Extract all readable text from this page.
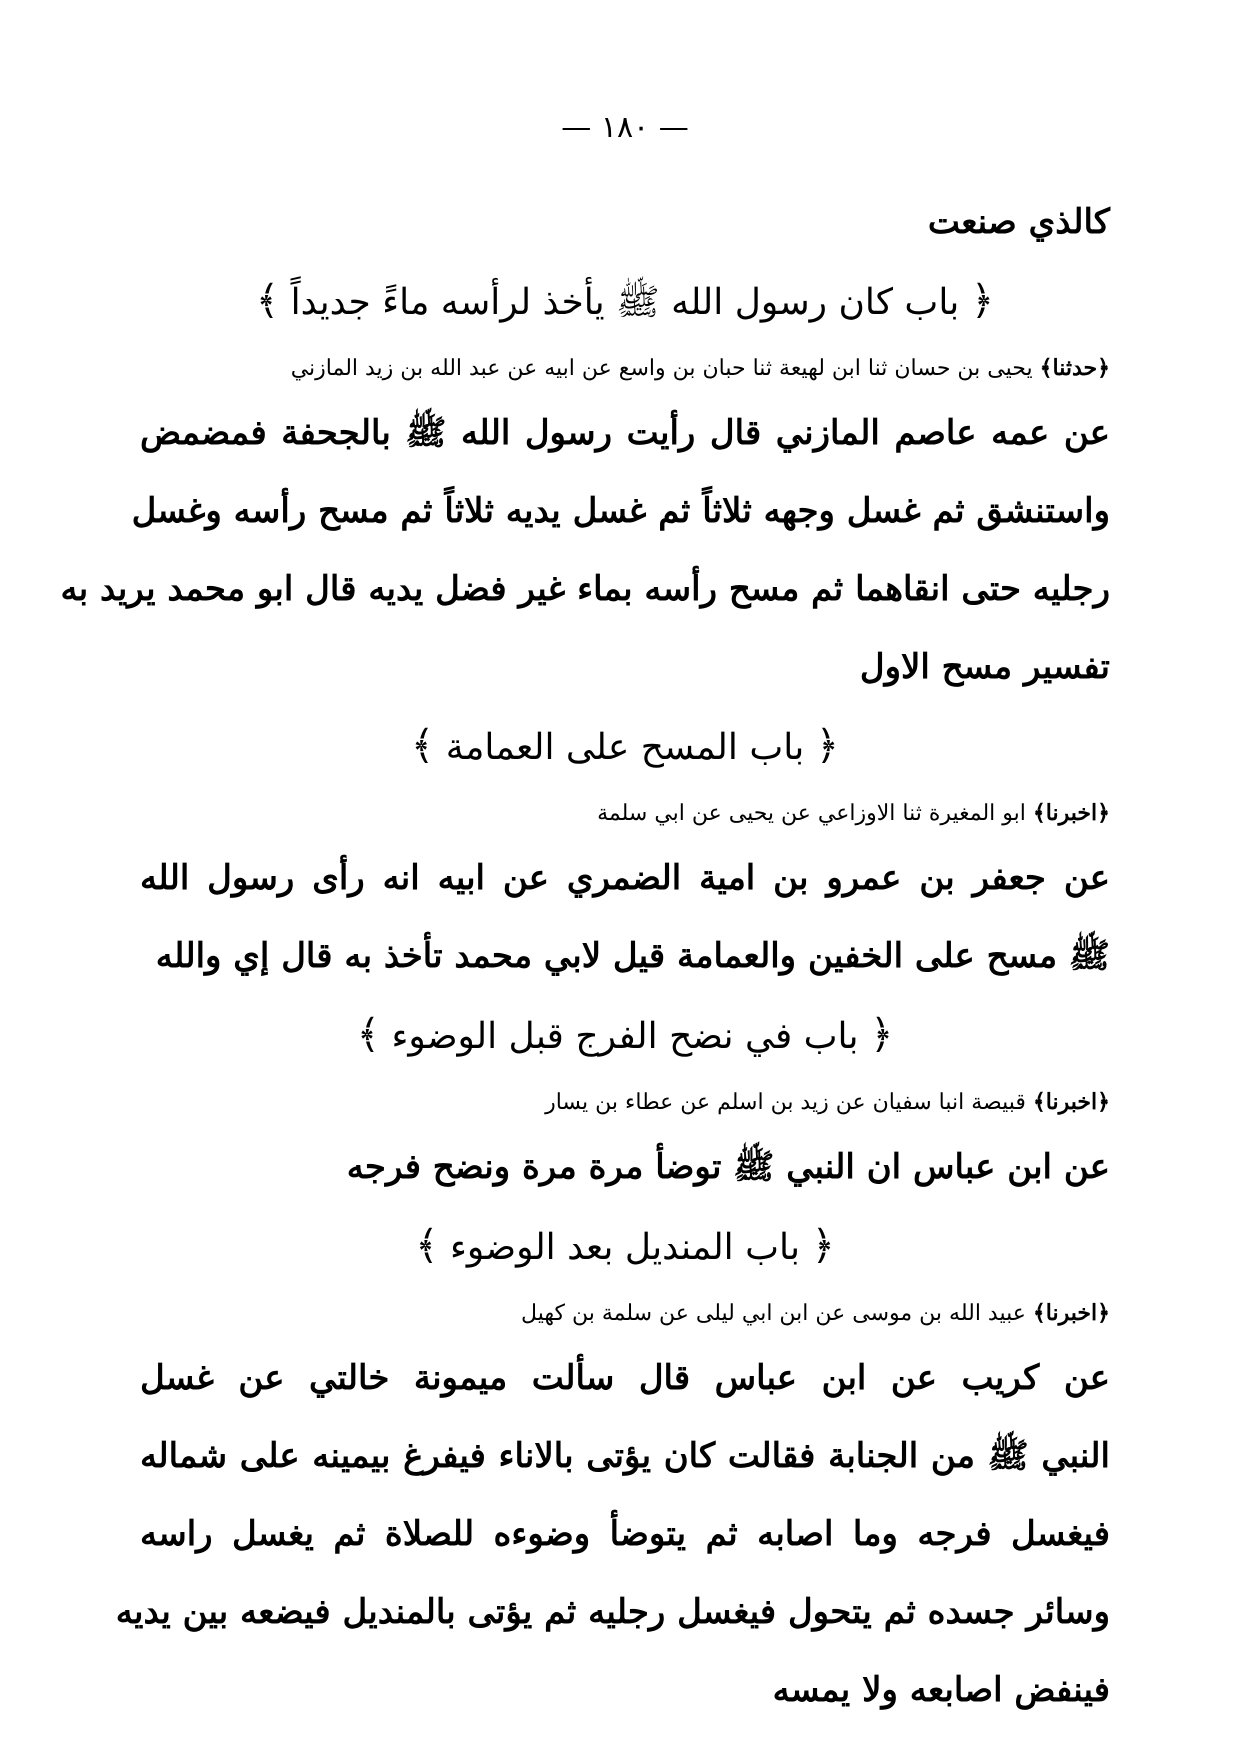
— ١٨٠ —
كالذي صنعت
﴿ باب كان رسول الله ﷺ يأخذ لرأسه ماءً جديداً ﴾
﴿حدثنا﴾ يحيى بن حسان ثنا ابن لهيعة ثنا حبان بن واسع عن ابيه عن عبد الله بن زيد المازني
عن عمه عاصم المازني قال رأيت رسول الله ﷺ بالجحفة فمضمض
واستنشق ثم غسل وجهه ثلاثاً ثم غسل يديه ثلاثاً ثم مسح رأسه وغسل
رجليه حتى انقاهما ثم مسح رأسه بماء غير فضل يديه قال ابو محمد يريد به
تفسير مسح الاول
﴿ باب المسح على العمامة ﴾
﴿اخبرنا﴾ ابو المغيرة ثنا الاوزاعي عن يحيى عن ابي سلمة
عن جعفر بن عمرو بن امية الضمري عن ابيه انه رأى رسول الله
ﷺ مسح على الخفين والعمامة قيل لابي محمد تأخذ به قال إي والله
﴿ باب في نضح الفرج قبل الوضوء ﴾
﴿اخبرنا﴾ قبيصة انبا سفيان عن زيد بن اسلم عن عطاء بن يسار
عن ابن عباس ان النبي ﷺ توضأ مرة مرة ونضح فرجه
﴿ باب المنديل بعد الوضوء ﴾
﴿اخبرنا﴾ عبيد الله بن موسى عن ابن ابي ليلى عن سلمة بن كهيل
عن كريب عن ابن عباس قال سألت ميمونة خالتي عن غسل
النبي ﷺ من الجنابة فقالت كان يؤتى بالاناء فيفرغ بيمينه على شماله
فيغسل فرجه وما اصابه ثم يتوضأ وضوءه للصلاة ثم يغسل راسه
وسائر جسده ثم يتحول فيغسل رجليه ثم يؤتى بالمنديل فيضعه بين يديه
فينفض اصابعه ولا يمسه
